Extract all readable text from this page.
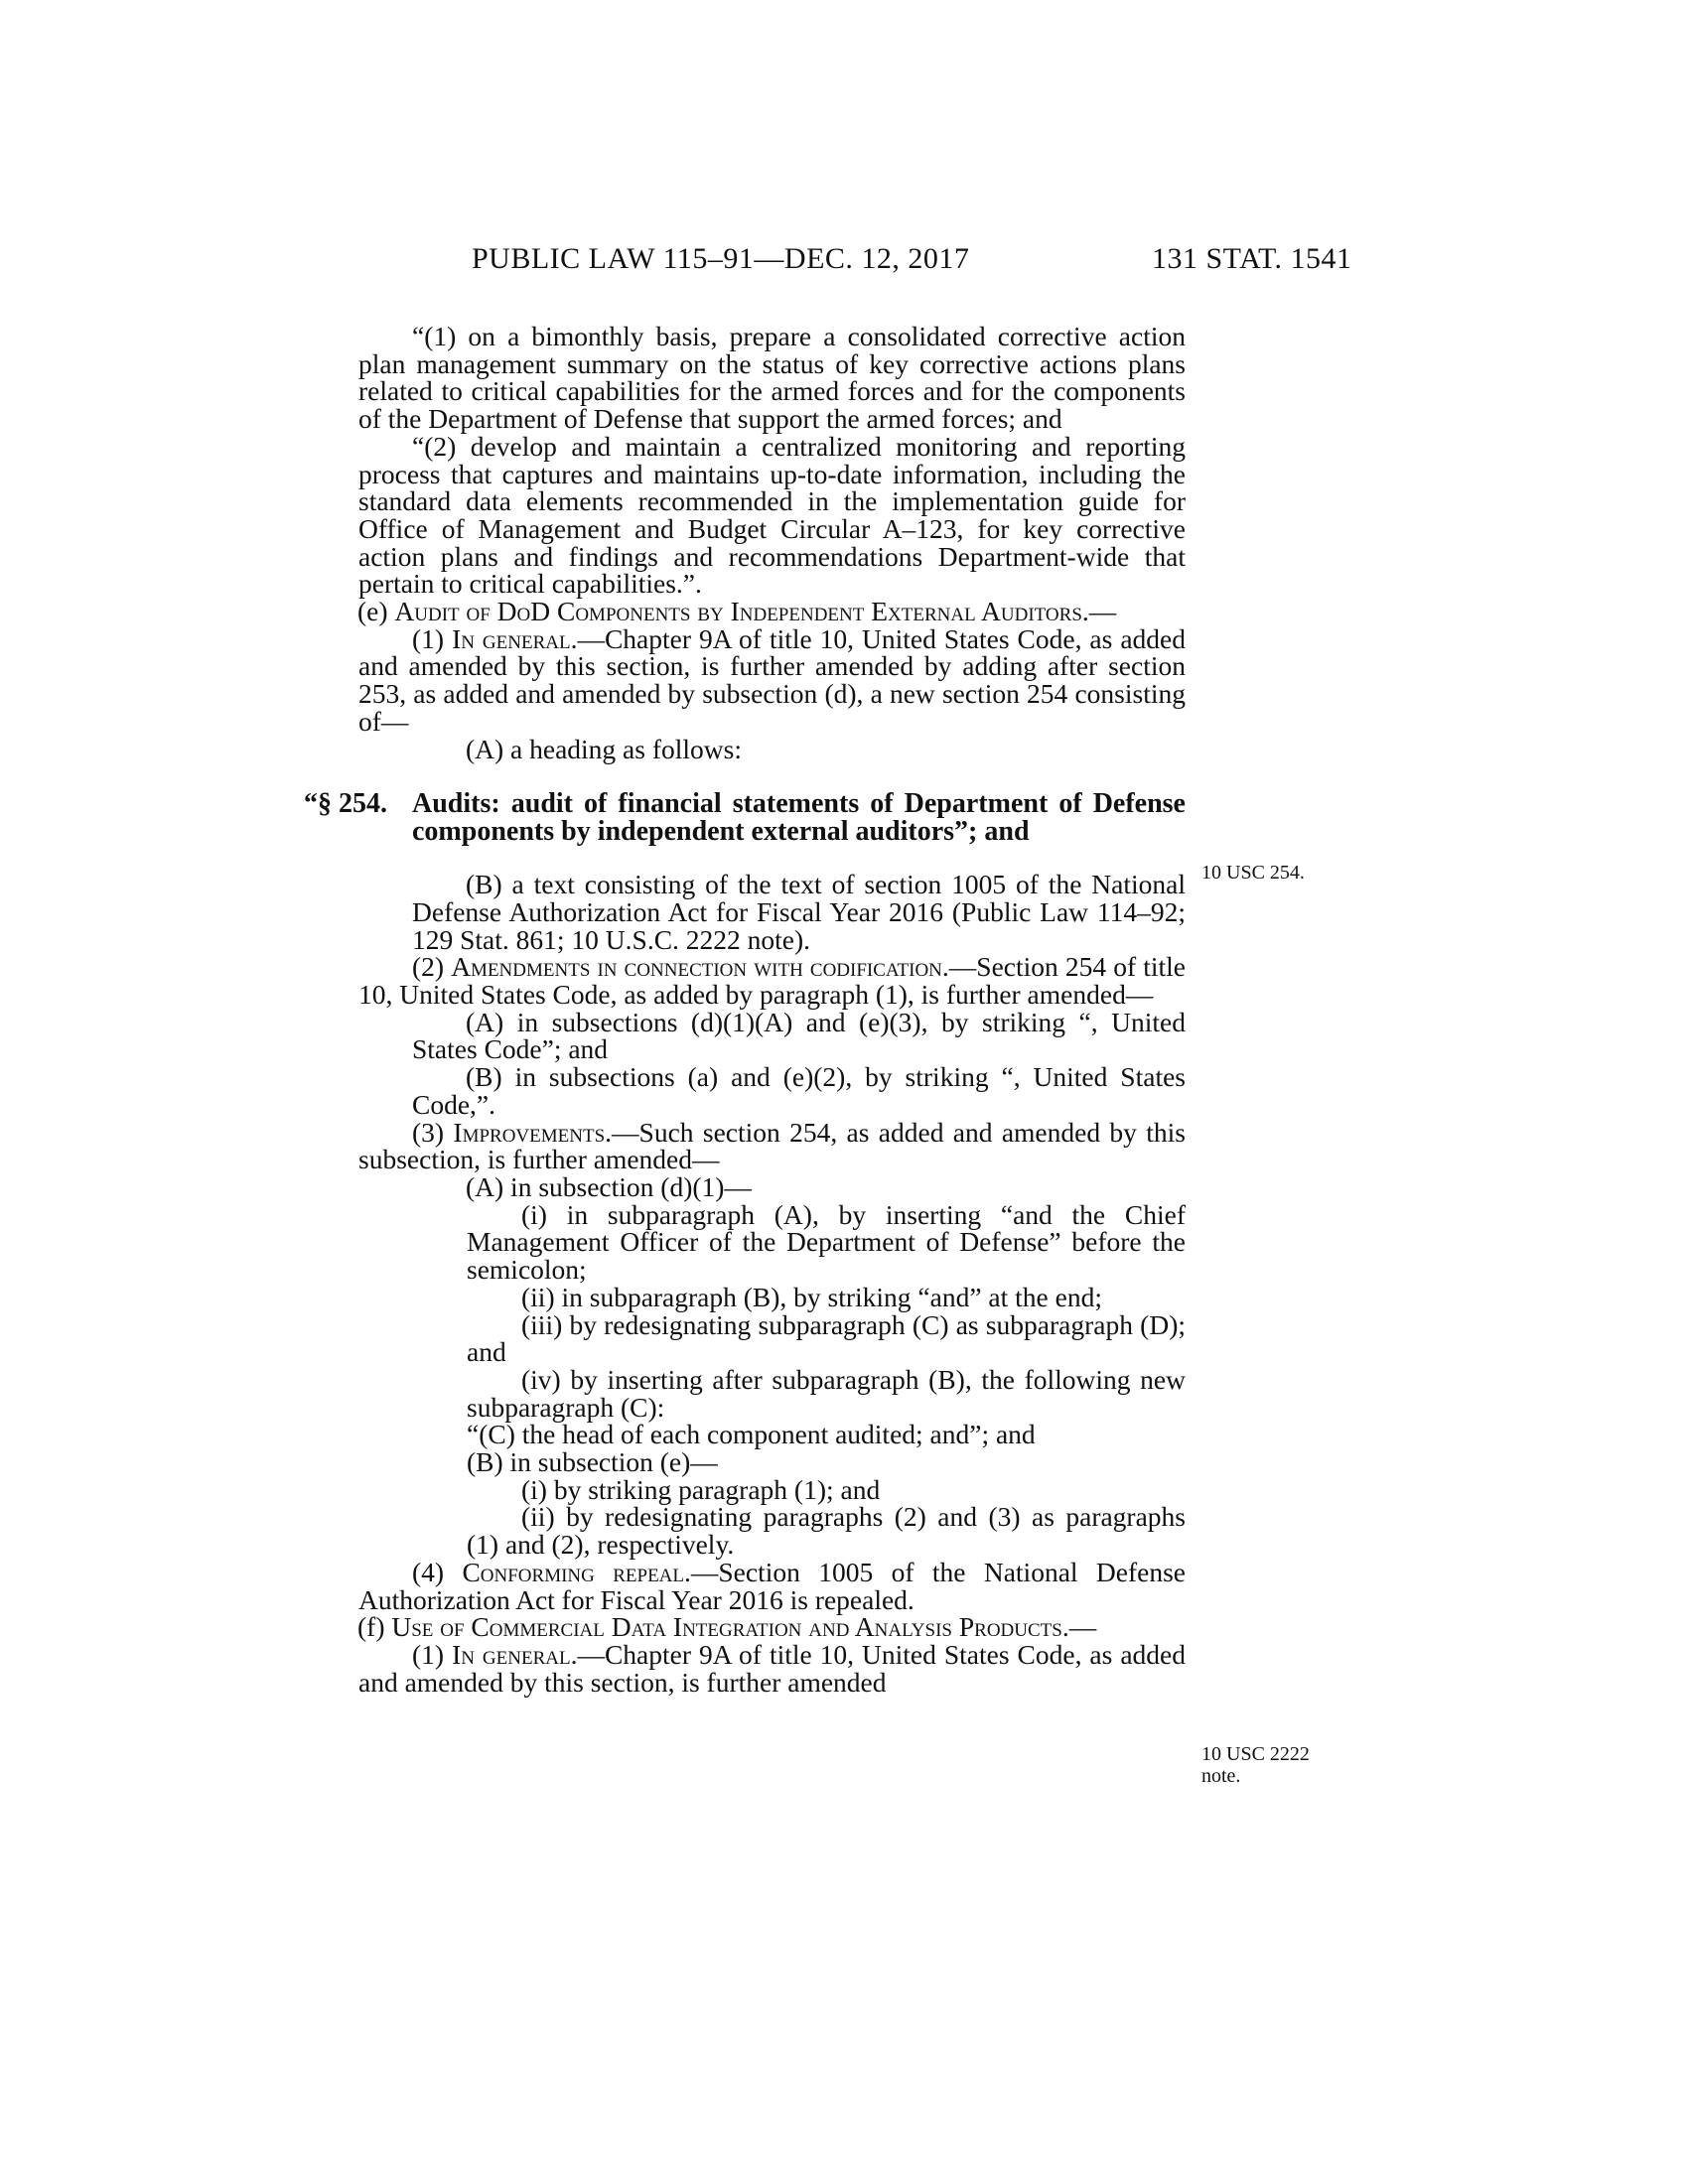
PUBLIC LAW 115–91—DEC. 12, 2017	131 STAT. 1541
10 USC 254.
10 USC 2222
note.

“(1) on a bimonthly basis, prepare a consolidated corrective action plan management summary on the status of key corrective actions plans related to critical capabilities for the armed forces and for the components of the Department of Defense that support the armed forces; and

“(2) develop and maintain a centralized monitoring and reporting process that captures and maintains up-to-date information, including the standard data elements recommended in the implementation guide for Office of Management and Budget Circular A–123, for key corrective action plans and findings and recommendations Department-wide that pertain to critical capabilities.”.

(e) Audit of DoD Components by Independent External Auditors.—

(1) In general.—Chapter 9A of title 10, United States Code, as added and amended by this section, is further amended by adding after section 253, as added and amended by subsection (d), a new section 254 consisting of—

(A) a heading as follows:

“§ 254. Audits: audit of financial statements of Department of Defense components by independent external auditors”; and

(B) a text consisting of the text of section 1005 of the National Defense Authorization Act for Fiscal Year 2016 (Public Law 114–92; 129 Stat. 861; 10 U.S.C. 2222 note).

(2) Amendments in connection with codification.—Section 254 of title 10, United States Code, as added by paragraph (1), is further amended—

(A) in subsections (d)(1)(A) and (e)(3), by striking “, United States Code”; and

(B) in subsections (a) and (e)(2), by striking “, United States Code,”.

(3) Improvements.—Such section 254, as added and amended by this subsection, is further amended—

(A) in subsection (d)(1)—

(i) in subparagraph (A), by inserting “and the Chief Management Officer of the Department of Defense” before the semicolon;

(ii) in subparagraph (B), by striking “and” at the end;

(iii) by redesignating subparagraph (C) as subparagraph (D); and

(iv) by inserting after subparagraph (B), the following new subparagraph (C):

“(C) the head of each component audited; and”; and

(B) in subsection (e)—

(i) by striking paragraph (1); and

(ii) by redesignating paragraphs (2) and (3) as paragraphs (1) and (2), respectively.

(4) Conforming repeal.—Section 1005 of the National Defense Authorization Act for Fiscal Year 2016 is repealed.

(f) Use of Commercial Data Integration and Analysis Products.—

(1) In general.—Chapter 9A of title 10, United States Code, as added and amended by this section, is further amended
